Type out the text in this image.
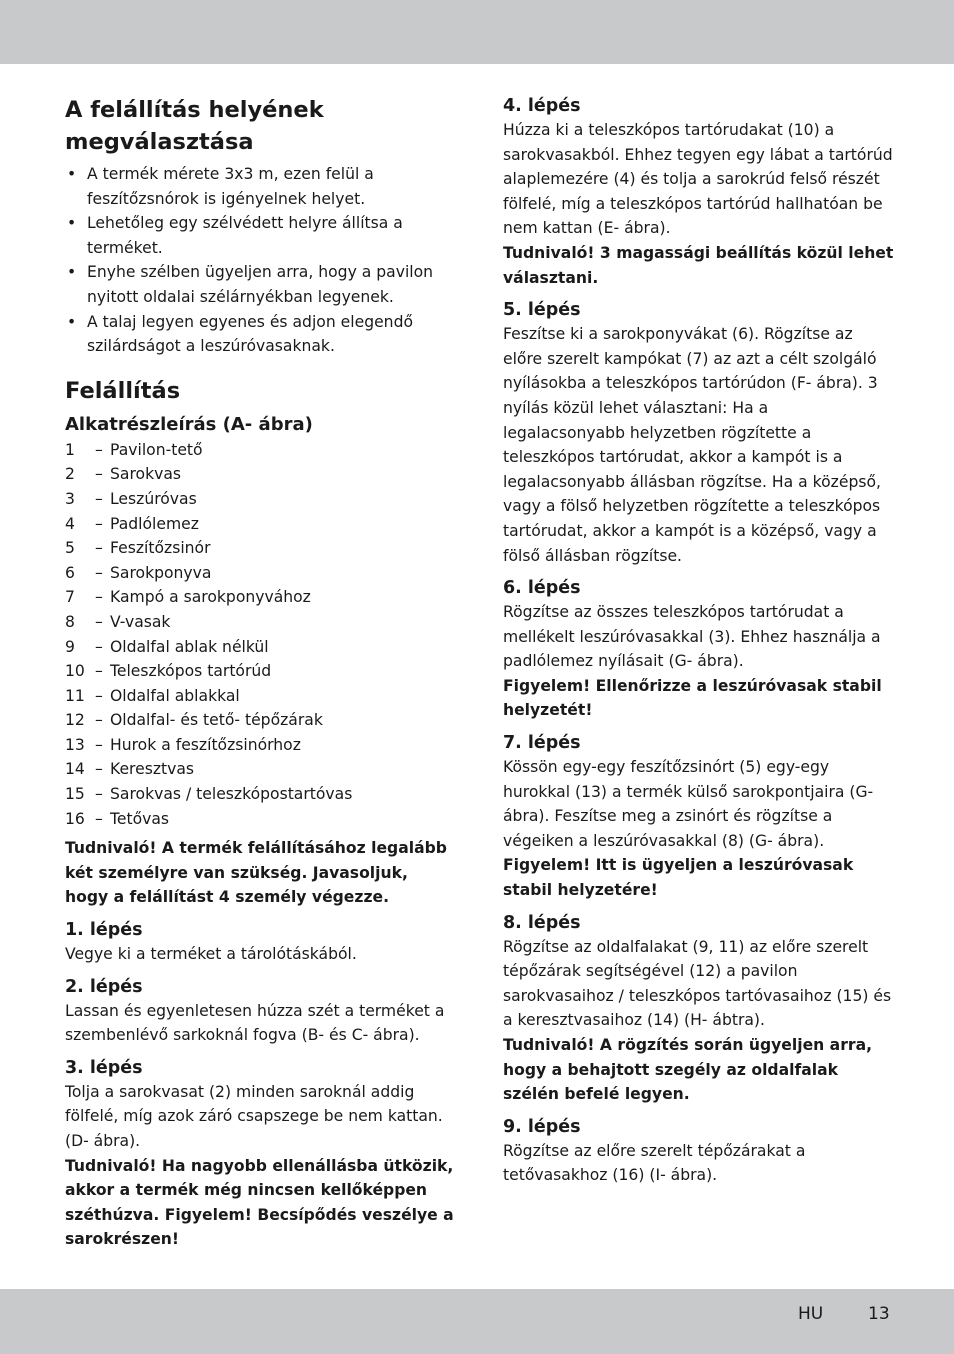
A felállítás helyének megválasztása
• A termék mérete 3x3 m, ezen felül a feszítőzsnórok is igényelnek helyet.
• Lehetőleg egy szélvédett helyre állítsa a terméket.
• Enyhe szélben ügyeljen arra, hogy a pavilon nyitott oldalai szélárnyékban legyenek.
• A talaj legyen egyenes és adjon elegendő szilárdságot a leszúróvasaknak.
Felállítás
Alkatrészleírás (A- ábra)
1	– Pavilon-tető
2	– Sarokvas
3	– Leszúróvas
4	– Padlólemez
5	– Feszítőzsinór
6	– Sarokponyva
7	– Kampó a sarokponyvához
8	– V-vasak
9	– Oldalfal ablak nélkül
10 – Teleszkópos tartórúd
11 – Oldalfal ablakkal
12 – Oldalfal- és tető- tépőzárak
13 – Hurok a feszítőzsinórhoz
14 – Keresztvas
15 – Sarokvas / teleszkópostartóvas
16 – Tetővas

Tudnivaló! A termék felállításához legalább két személyre van szükség. Javasoljuk, hogy a felállítást 4 személy végezze.

1. lépés

Vegye ki a terméket a tárolótáskából.

2. lépés

Lassan és egyenletesen húzza szét a terméket a szembenlévő sarkoknál fogva (B- és C- ábra).

3. lépés

Tolja a sarokvasat (2) minden saroknál addig fölfelé, míg azok záró csapszege be nem kattan. (D- ábra).

Tudnivaló! Ha nagyobb ellenállásba ütközik, akkor a termék még nincsen kellőképpen széthúzva. Figyelem! Becsípődés veszélye a sarokrészen!

4. lépés

Húzza ki a teleszkópos tartórudakat (10) a sarokvasakból. Ehhez tegyen egy lábat a tartórúd alaplemezére (4) és tolja a sarokrúd felső részét fölfelé, míg a teleszkópos tartórúd hallhatóan be nem kattan (E- ábra).

Tudnivaló! 3 magassági beállítás közül lehet választani.

5. lépés

Feszítse ki a sarokponyvákat (6). Rögzítse az előre szerelt kampókat (7) az azt a célt szolgáló nyílásokba a teleszkópos tartórúdon (F- ábra). 3 nyílás közül lehet választani: Ha a legalacsonyabb helyzetben rögzítette a teleszkópos tartórudat, akkor a kampót is a legalacsonyabb állásban rögzítse. Ha a középső, vagy a fölső helyzetben rögzítette a teleszkópos tartórudat, akkor a kampót is a középső, vagy a fölső állásban rögzítse.

6. lépés

Rögzítse az összes teleszkópos tartórudat a mellékelt leszúróvasakkal (3). Ehhez használja a padlólemez nyílásait (G- ábra).

Figyelem! Ellenőrizze a leszúróvasak stabil helyzetét!

7. lépés

Kössön egy-egy feszítőzsinórt (5) egy-egy hurokkal (13) a termék külső sarokpontjaira (G- ábra). Feszítse meg a zsinórt és rögzítse a végeiken a leszúróvasakkal (8) (G- ábra).

Figyelem! Itt is ügyeljen a leszúróvasak stabil helyzetére!

8. lépés

Rögzítse az oldalfalakat (9, 11) az előre szerelt tépőzárak segítségével (12) a pavilon sarokvasaihoz / teleszkópos tartóvasaihoz (15) és a keresztvasaihoz (14) (H- ábtra).

Tudnivaló! A rögzítés során ügyeljen arra, hogy a behajtott szegély az oldalfalak szélén befelé legyen.

9. lépés

Rögzítse az előre szerelt tépőzárakat a tetővasakhoz (16) (I- ábra).

HU	13
